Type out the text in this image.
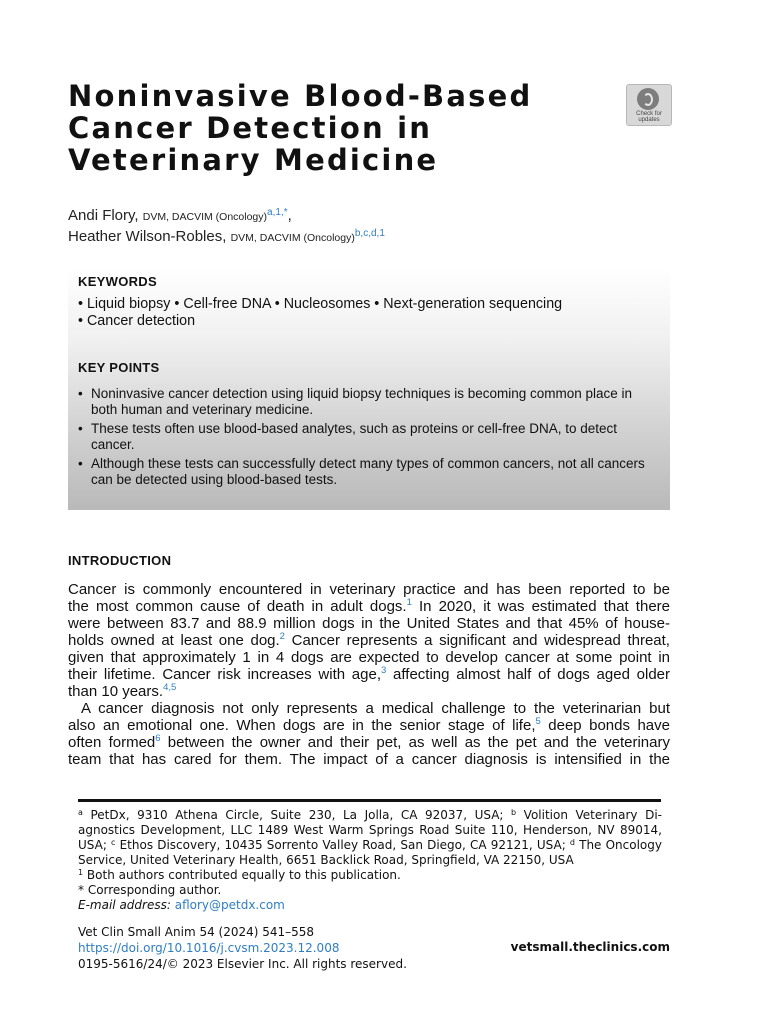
Noninvasive Blood-Based
Cancer Detection in
Veterinary Medicine
Check for updates
Andi Flory, DVM, DACVIM (Oncology)$^{a,1,*}$,
Heather Wilson-Robles, DVM, DACVIM (Oncology)$^{b,c,d,1}$
KEYWORDS
• Liquid biopsy • Cell-free DNA • Nucleosomes • Next-generation sequencing
• Cancer detection
KEY POINTS
• Noninvasive cancer detection using liquid biopsy techniques is becoming common place in both human and veterinary medicine.
• These tests often use blood-based analytes, such as proteins or cell-free DNA, to detect cancer.
• Although these tests can successfully detect many types of common cancers, not all cancers can be detected using blood-based tests.
INTRODUCTION
Cancer is commonly encountered in veterinary practice and has been reported to be
the most common cause of death in adult dogs.$^1$ In 2020, it was estimated that there
were between 83.7 and 88.9 million dogs in the United States and that 45% of house-
holds owned at least one dog.$^2$ Cancer represents a significant and widespread threat,
given that approximately 1 in 4 dogs are expected to develop cancer at some point in
their lifetime. Cancer risk increases with age,$^3$ affecting almost half of dogs aged older
than 10 years.$^{4,5}$
A cancer diagnosis not only represents a medical challenge to the veterinarian but
also an emotional one. When dogs are in the senior stage of life,$^5$ deep bonds have
often formed$^6$ between the owner and their pet, as well as the pet and the veterinary
team that has cared for them. The impact of a cancer diagnosis is intensified in the
$^a$ PetDx, 9310 Athena Circle, Suite 230, La Jolla, CA 92037, USA; $^b$ Volition Veterinary Di-
agnostics Development, LLC 1489 West Warm Springs Road Suite 110, Henderson, NV 89014,
USA; $^c$ Ethos Discovery, 10435 Sorrento Valley Road, San Diego, CA 92121, USA; $^d$ The Oncology
Service, United Veterinary Health, 6651 Backlick Road, Springfield, VA 22150, USA
$^1$ Both authors contributed equally to this publication.
* Corresponding author.
E-mail address: aflory@petdx.com
Vet Clin Small Anim 54 (2024) 541–558
https://doi.org/10.1016/j.cvsm.2023.12.008
0195-5616/24/© 2023 Elsevier Inc. All rights reserved.
vetsmall.theclinics.com
